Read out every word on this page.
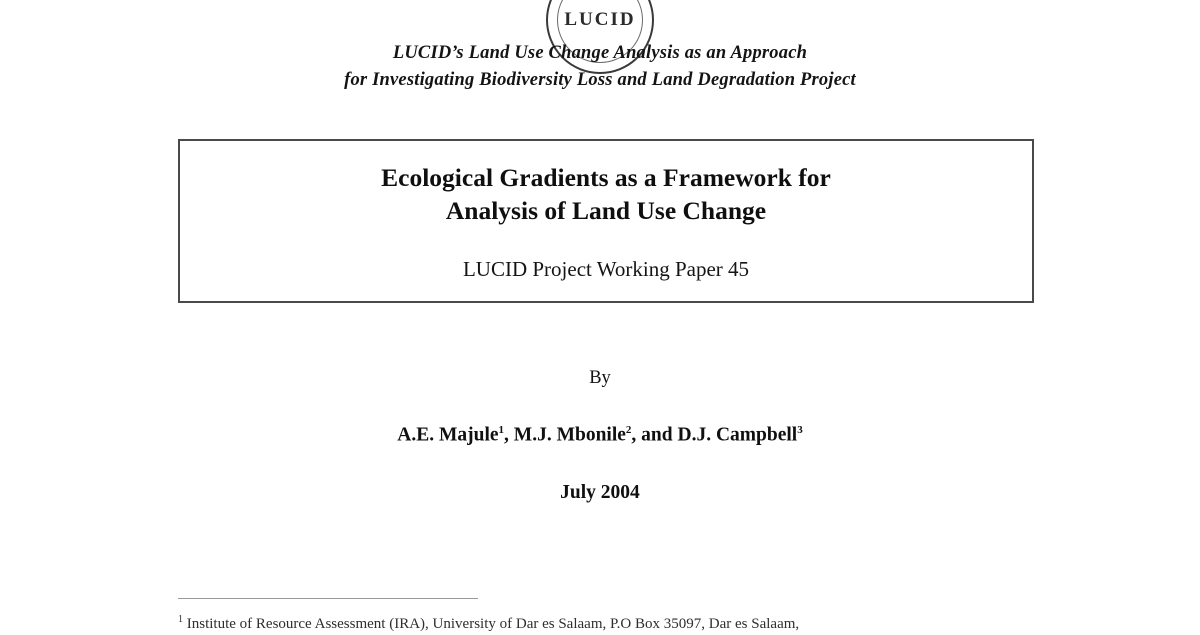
LUCID
LUCID’s Land Use Change Analysis as an Approach
for Investigating Biodiversity Loss and Land Degradation Project
Ecological Gradients as a Framework for
Analysis of Land Use Change
LUCID Project Working Paper 45
By
A.E. Majule$^1$, M.J. Mbonile$^2$, and D.J. Campbell$^3$
July 2004
$^1$ Institute of Resource Assessment (IRA), University of Dar es Salaam, P.O Box 35097, Dar es Salaam,
